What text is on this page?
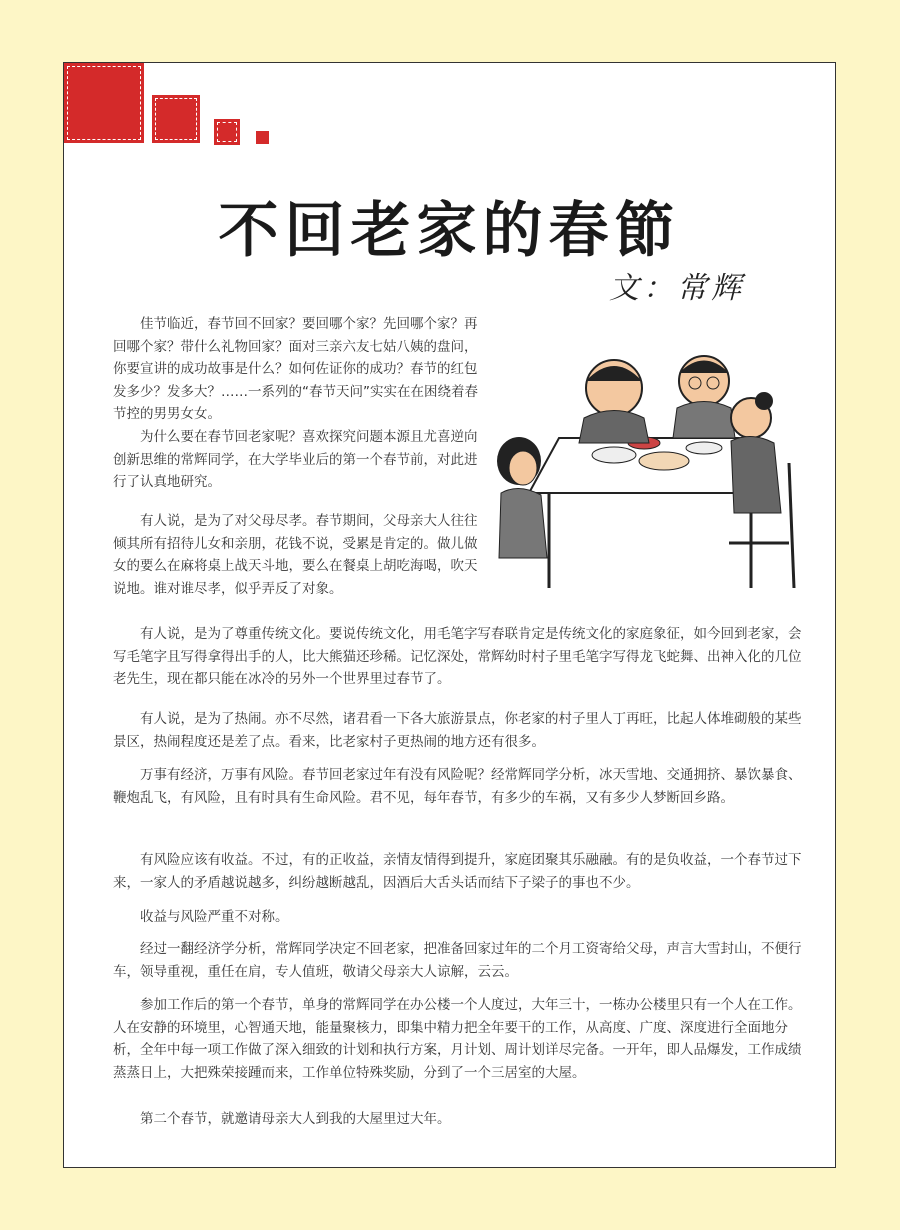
不回老家的春節
文：常辉

佳节临近，春节回不回家？要回哪个家？先回哪个家？再回哪个家？带什么礼物回家？面对三亲六友七姑八姨的盘问，你要宣讲的成功故事是什么？如何佐证你的成功？春节的红包发多少？发多大？……一系列的“春节天问”实实在在困绕着春节控的男男女女。

为什么要在春节回老家呢？喜欢探究问题本源且尤喜逆向创新思维的常辉同学，在大学毕业后的第一个春节前，对此进行了认真地研究。

有人说，是为了对父母尽孝。春节期间，父母亲大人往往倾其所有招待儿女和亲朋，花钱不说，受累是肯定的。做儿做女的要么在麻将桌上战天斗地，要么在餐桌上胡吃海喝，吹天说地。谁对谁尽孝，似乎弄反了对象。

有人说，是为了尊重传统文化。要说传统文化，用毛笔字写春联肯定是传统文化的家庭象征，如今回到老家，会写毛笔字且写得拿得出手的人，比大熊猫还珍稀。记忆深处，常辉幼时村子里毛笔字写得龙飞蛇舞、出神入化的几位老先生，现在都只能在冰冷的另外一个世界里过春节了。

有人说，是为了热闹。亦不尽然，诸君看一下各大旅游景点，你老家的村子里人丁再旺，比起人体堆砌般的某些景区，热闹程度还是差了点。看来，比老家村子更热闹的地方还有很多。

万事有经济，万事有风险。春节回老家过年有没有风险呢？经常辉同学分析，冰天雪地、交通拥挤、暴饮暴食、鞭炮乱飞，有风险，且有时具有生命风险。君不见，每年春节，有多少的车祸，又有多少人梦断回乡路。

有风险应该有收益。不过，有的正收益，亲情友情得到提升，家庭团聚其乐融融。有的是负收益，一个春节过下来，一家人的矛盾越说越多，纠纷越断越乱，因酒后大舌头话而结下子梁子的事也不少。

收益与风险严重不对称。

经过一翻经济学分析，常辉同学决定不回老家，把准备回家过年的二个月工资寄给父母，声言大雪封山，不便行车，领导重视，重任在肩，专人值班，敬请父母亲大人谅解，云云。

参加工作后的第一个春节，单身的常辉同学在办公楼一个人度过，大年三十，一栋办公楼里只有一个人在工作。人在安静的环境里，心智通天地，能量聚核力，即集中精力把全年要干的工作，从高度、广度、深度进行全面地分析，全年中每一项工作做了深入细致的计划和执行方案，月计划、周计划详尽完备。一开年，即人品爆发，工作成绩蒸蒸日上，大把殊荣接踵而来，工作单位特殊奖励，分到了一个三居室的大屋。

第二个春节，就邀请母亲大人到我的大屋里过大年。
